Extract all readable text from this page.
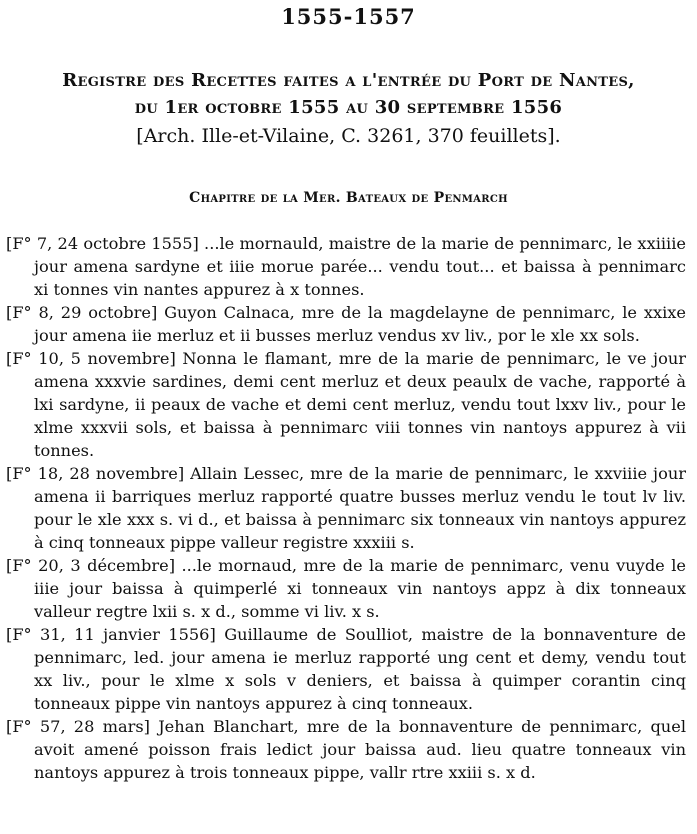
1555-1557
Registre des Recettes faites a l'entrée du Port de Nantes,
du 1er octobre 1555 au 30 septembre 1556
[Arch. Ille-et-Vilaine, C. 3261, 370 feuillets].
Chapitre de la Mer. Bateaux de Penmarch

[F° 7, 24 octobre 1555] ...le mornauld, maistre de la marie de pennimarc, le xxiiiie jour amena sardyne et iiie morue parée... vendu tout... et baissa à pennimarc xi tonnes vin nantes appurez à x tonnes.

[F° 8, 29 octobre] Guyon Calnaca, mre de la magdelayne de pennimarc, le xxixe jour amena iie merluz et ii busses merluz vendus xv liv., por le xle xx sols.

[F° 10, 5 novembre] Nonna le flamant, mre de la marie de pennimarc, le ve jour amena xxxvie sardines, demi cent merluz et deux peaulx de vache, rapporté à lxi sardyne, ii peaux de vache et demi cent merluz, vendu tout lxxv liv., pour le xlme xxxvii sols, et baissa à pennimarc viii tonnes vin nantoys appurez à vii tonnes.

[F° 18, 28 novembre] Allain Lessec, mre de la marie de pennimarc, le xxviiie jour amena ii barriques merluz rapporté quatre busses merluz vendu le tout lv liv. pour le xle xxx s. vi d., et baissa à pennimarc six tonneaux vin nantoys appurez à cinq tonneaux pippe valleur registre xxxiii s.

[F° 20, 3 décembre] ...le mornaud, mre de la marie de pennimarc, venu vuyde le iiie jour baissa à quimperlé xi tonneaux vin nantoys appz à dix tonneaux valleur regtre lxii s. x d., somme vi liv. x s.

[F° 31, 11 janvier 1556] Guillaume de Soulliot, maistre de la bonnaventure de pennimarc, led. jour amena ie merluz rapporté ung cent et demy, vendu tout xx liv., pour le xlme x sols v deniers, et baissa à quimper corantin cinq tonneaux pippe vin nantoys appurez à cinq tonneaux.

[F° 57, 28 mars] Jehan Blanchart, mre de la bonnaventure de pennimarc, quel avoit amené poisson frais ledict jour baissa aud. lieu quatre tonneaux vin nantoys appurez à trois tonneaux pippe, vallr rtre xxiii s. x d.
